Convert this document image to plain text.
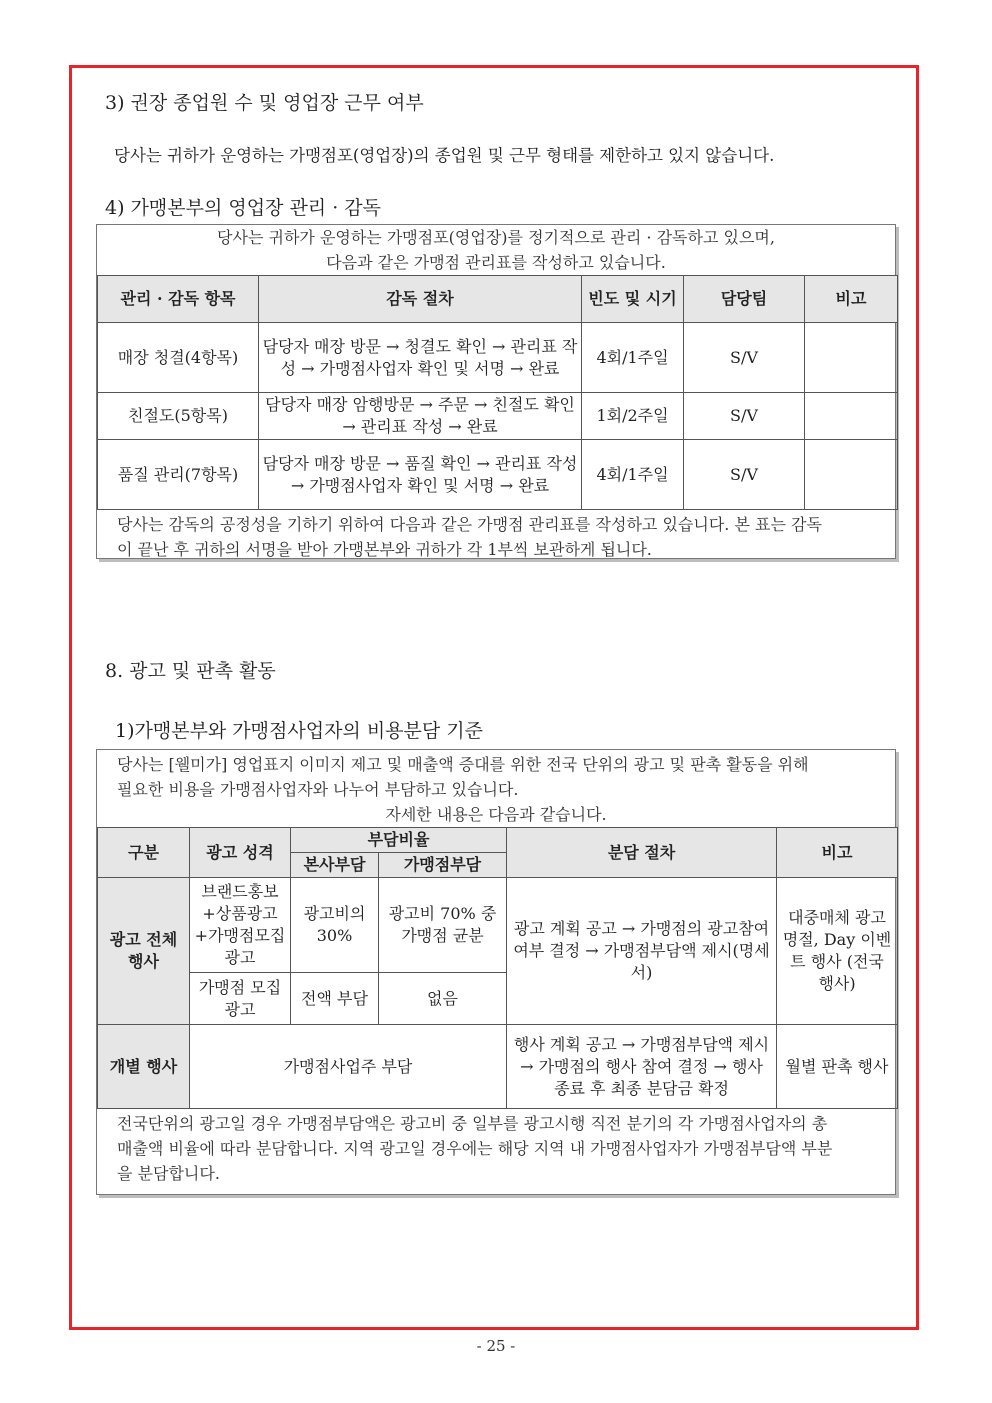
3) 권장 종업원 수 및 영업장 근무 여부
당사는 귀하가 운영하는 가맹점포(영업장)의 종업원 및 근무 형태를 제한하고 있지 않습니다.
4) 가맹본부의 영업장 관리 · 감독
당사는 귀하가 운영하는 가맹점포(영업장)를 정기적으로 관리 · 감독하고 있으며,
다음과 같은 가맹점 관리표를 작성하고 있습니다.
관리 · 감독 항목	감독 절차	빈도 및 시기	담당팀	비고
매장 청결(4항목)	담당자 매장 방문 → 청결도 확인 → 관리표 작성 → 가맹점사업자 확인 및 서명 → 완료	4회/1주일	S/V	
친절도(5항목)	담당자 매장 암행방문 → 주문 → 친절도 확인 → 관리표 작성 → 완료	1회/2주일	S/V	
품질 관리(7항목)	담당자 매장 방문 → 품질 확인 → 관리표 작성 → 가맹점사업자 확인 및 서명 → 완료	4회/1주일	S/V	
당사는 감독의 공정성을 기하기 위하여 다음과 같은 가맹점 관리표를 작성하고 있습니다. 본 표는 감독
이 끝난 후 귀하의 서명을 받아 가맹본부와 귀하가 각 1부씩 보관하게 됩니다.
8. 광고 및 판촉 활동
1)가맹본부와 가맹점사업자의 비용분담 기준
당사는 [웰미가] 영업표지 이미지 제고 및 매출액 증대를 위한 전국 단위의 광고 및 판촉 활동을 위해
필요한 비용을 가맹점사업자와 나누어 부담하고 있습니다.
자세한 내용은 다음과 같습니다.
구분	광고 성격	부담비율		분담 절차	비고
		본사부담	가맹점부담		
광고 전체 행사	브랜드홍보+상품광고+가맹점모집광고	광고비의 30%	광고비 70% 중 가맹점 균분	광고 계획 공고 → 가맹점의 광고참여 여부 결정 → 가맹점부담액 제시(명세서)	대중매체 광고 명절, Day 이벤트 행사 (전국 행사)
	가맹점 모집광고	전액 부담	없음		
개별 행사	가맹점사업주 부담			행사 계획 공고 → 가맹점부담액 제시 → 가맹점의 행사 참여 결정 → 행사 종료 후 최종 분담금 확정	월별 판촉 행사
전국단위의 광고일 경우 가맹점부담액은 광고비 중 일부를 광고시행 직전 분기의 각 가맹점사업자의 총
매출액 비율에 따라 분담합니다. 지역 광고일 경우에는 해당 지역 내 가맹점사업자가 가맹점부담액 부분
을 분담합니다.
- 25 -
